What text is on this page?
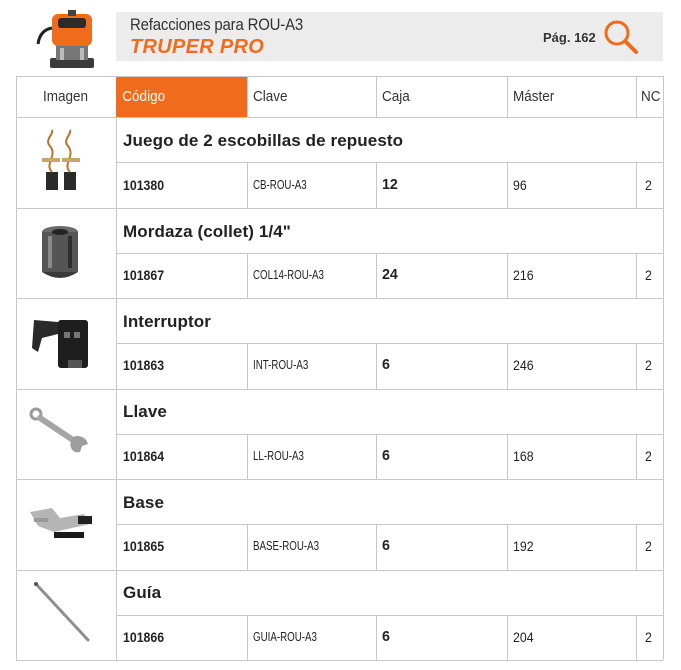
Refacciones para ROU-A3
TRUPER PRO	Pág. 162
Imagen	Código	Clave	Caja	Máster	NC
Juego de 2 escobillas de repuesto
101380	CB-ROU-A3	12	96	2
Mordaza (collet) 1/4"
101867	COL14-ROU-A3	24	216	2
Interruptor
101863	INT-ROU-A3	6	246	2
Llave
101864	LL-ROU-A3	6	168	2
Base
101865	BASE-ROU-A3	6	192	2
Guía
101866	GUIA-ROU-A3	6	204	2
